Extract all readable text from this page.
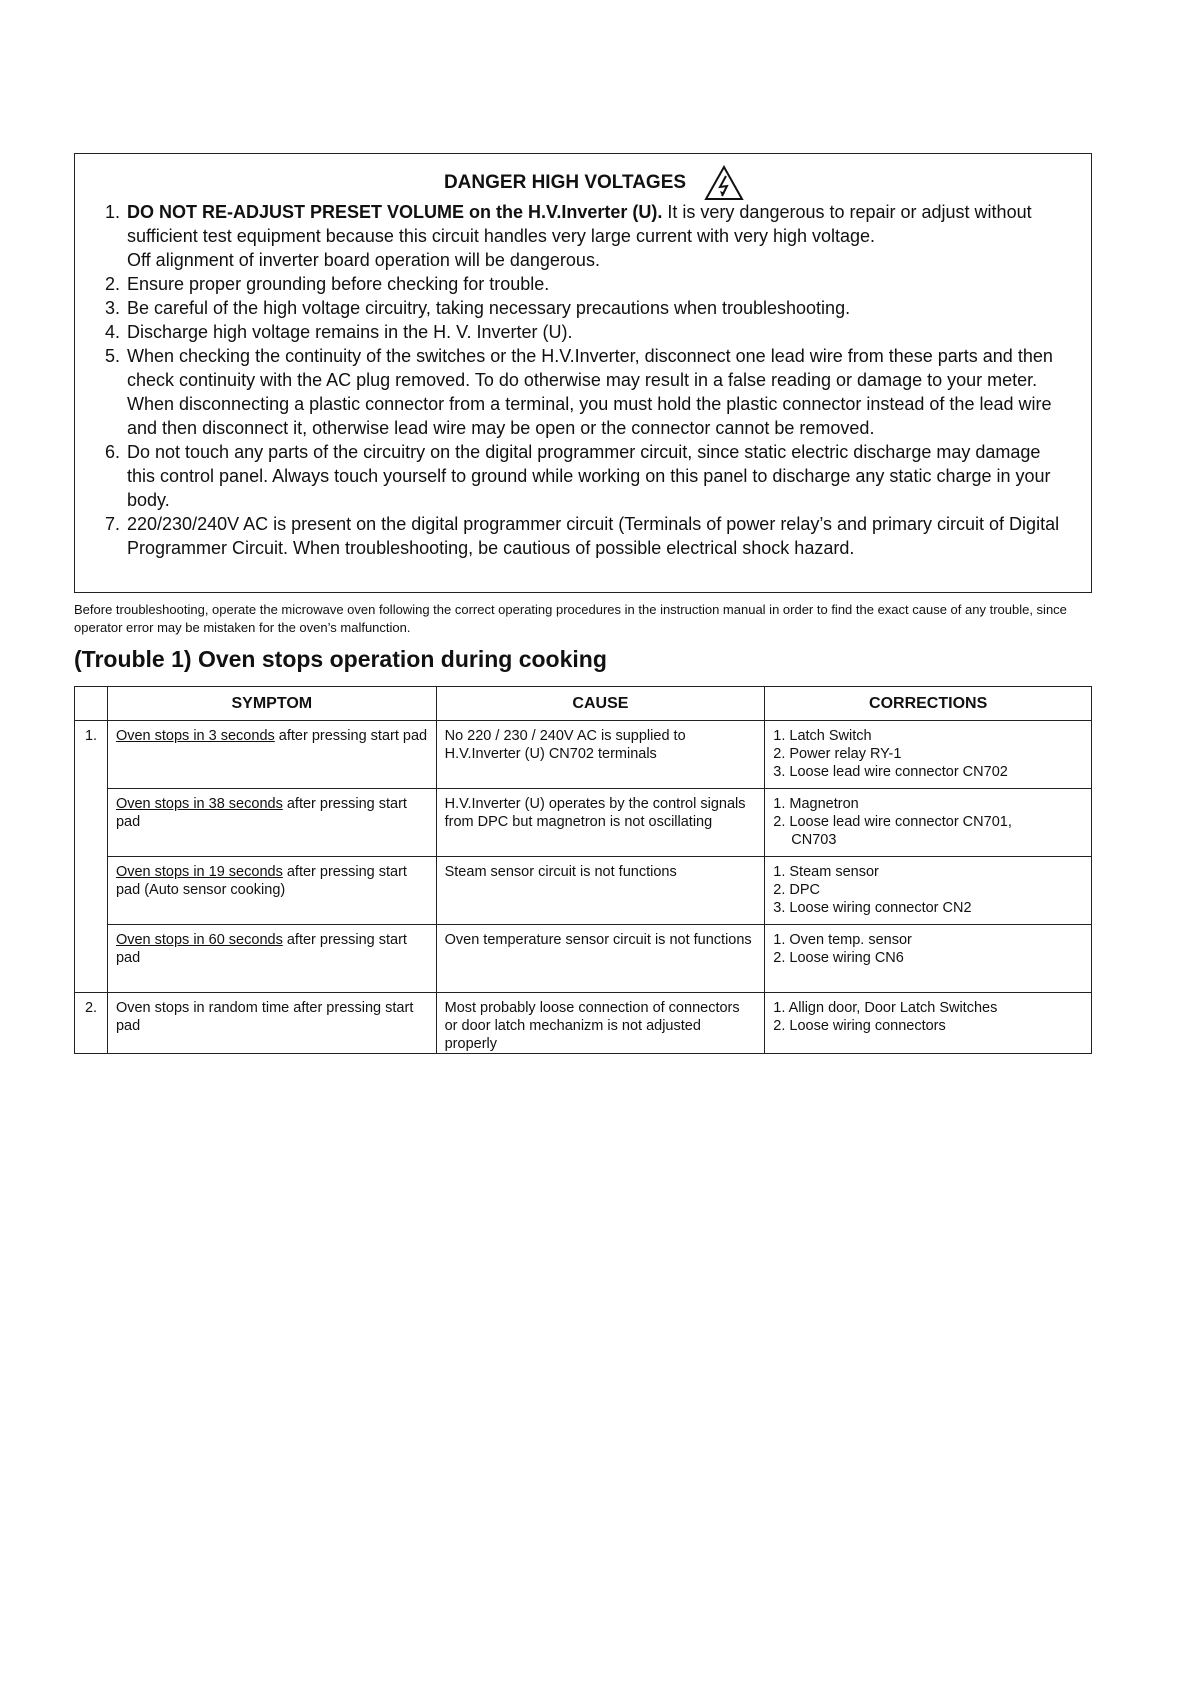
DANGER HIGH VOLTAGES
1. DO NOT RE-ADJUST PRESET VOLUME on the H.V.Inverter (U). It is very dangerous to repair or adjust without sufficient test equipment because this circuit handles very large current with very high voltage.
Off alignment of inverter board operation will be dangerous.
2. Ensure proper grounding before checking for trouble.
3. Be careful of the high voltage circuitry, taking necessary precautions when troubleshooting.
4. Discharge high voltage remains in the H. V. Inverter (U).
5. When checking the continuity of the switches or the H.V.Inverter, disconnect one lead wire from these parts and then check continuity with the AC plug removed. To do otherwise may result in a false reading or damage to your meter. When disconnecting a plastic connector from a terminal, you must hold the plastic connector instead of the lead wire and then disconnect it, otherwise lead wire may be open or the connector cannot be removed.
6. Do not touch any parts of the circuitry on the digital programmer circuit, since static electric discharge may damage this control panel. Always touch yourself to ground while working on this panel to discharge any static charge in your body.
7. 220/230/240V AC is present on the digital programmer circuit (Terminals of power relay’s and primary circuit of Digital Programmer Circuit. When troubleshooting, be cautious of possible electrical shock hazard.
Before troubleshooting, operate the microwave oven following the correct operating procedures in the instruction manual in order to find the exact cause of any trouble, since operator error may be mistaken for the oven’s malfunction.
(Trouble 1) Oven stops operation during cooking
	SYMPTOM	CAUSE	CORRECTIONS
1.	Oven stops in 3 seconds after pressing start pad	No 220 / 230 / 240V AC is supplied to H.V.Inverter (U) CN702 terminals	1. Latch Switch
2. Power relay RY-1
3. Loose lead wire connector CN702

	Oven stops in 38 seconds after pressing start pad	H.V.Inverter (U) operates by the control signals from DPC but magnetron is not oscillating	1. Magnetron
2. Loose lead wire connector CN701,
CN703

	Oven stops in 19 seconds after pressing start pad (Auto sensor cooking)	Steam sensor circuit is not functions	1. Steam sensor
2. DPC
3. Loose wiring connector CN2

	Oven stops in 60 seconds after pressing start pad	Oven temperature sensor circuit is not functions	1. Oven temp. sensor
2. Loose wiring CN6

2.	Oven stops in random time after pressing start pad	Most probably loose connection of connectors or door latch mechanizm is not adjusted properly	1. Allign door, Door Latch Switches
2. Loose wiring connectors
